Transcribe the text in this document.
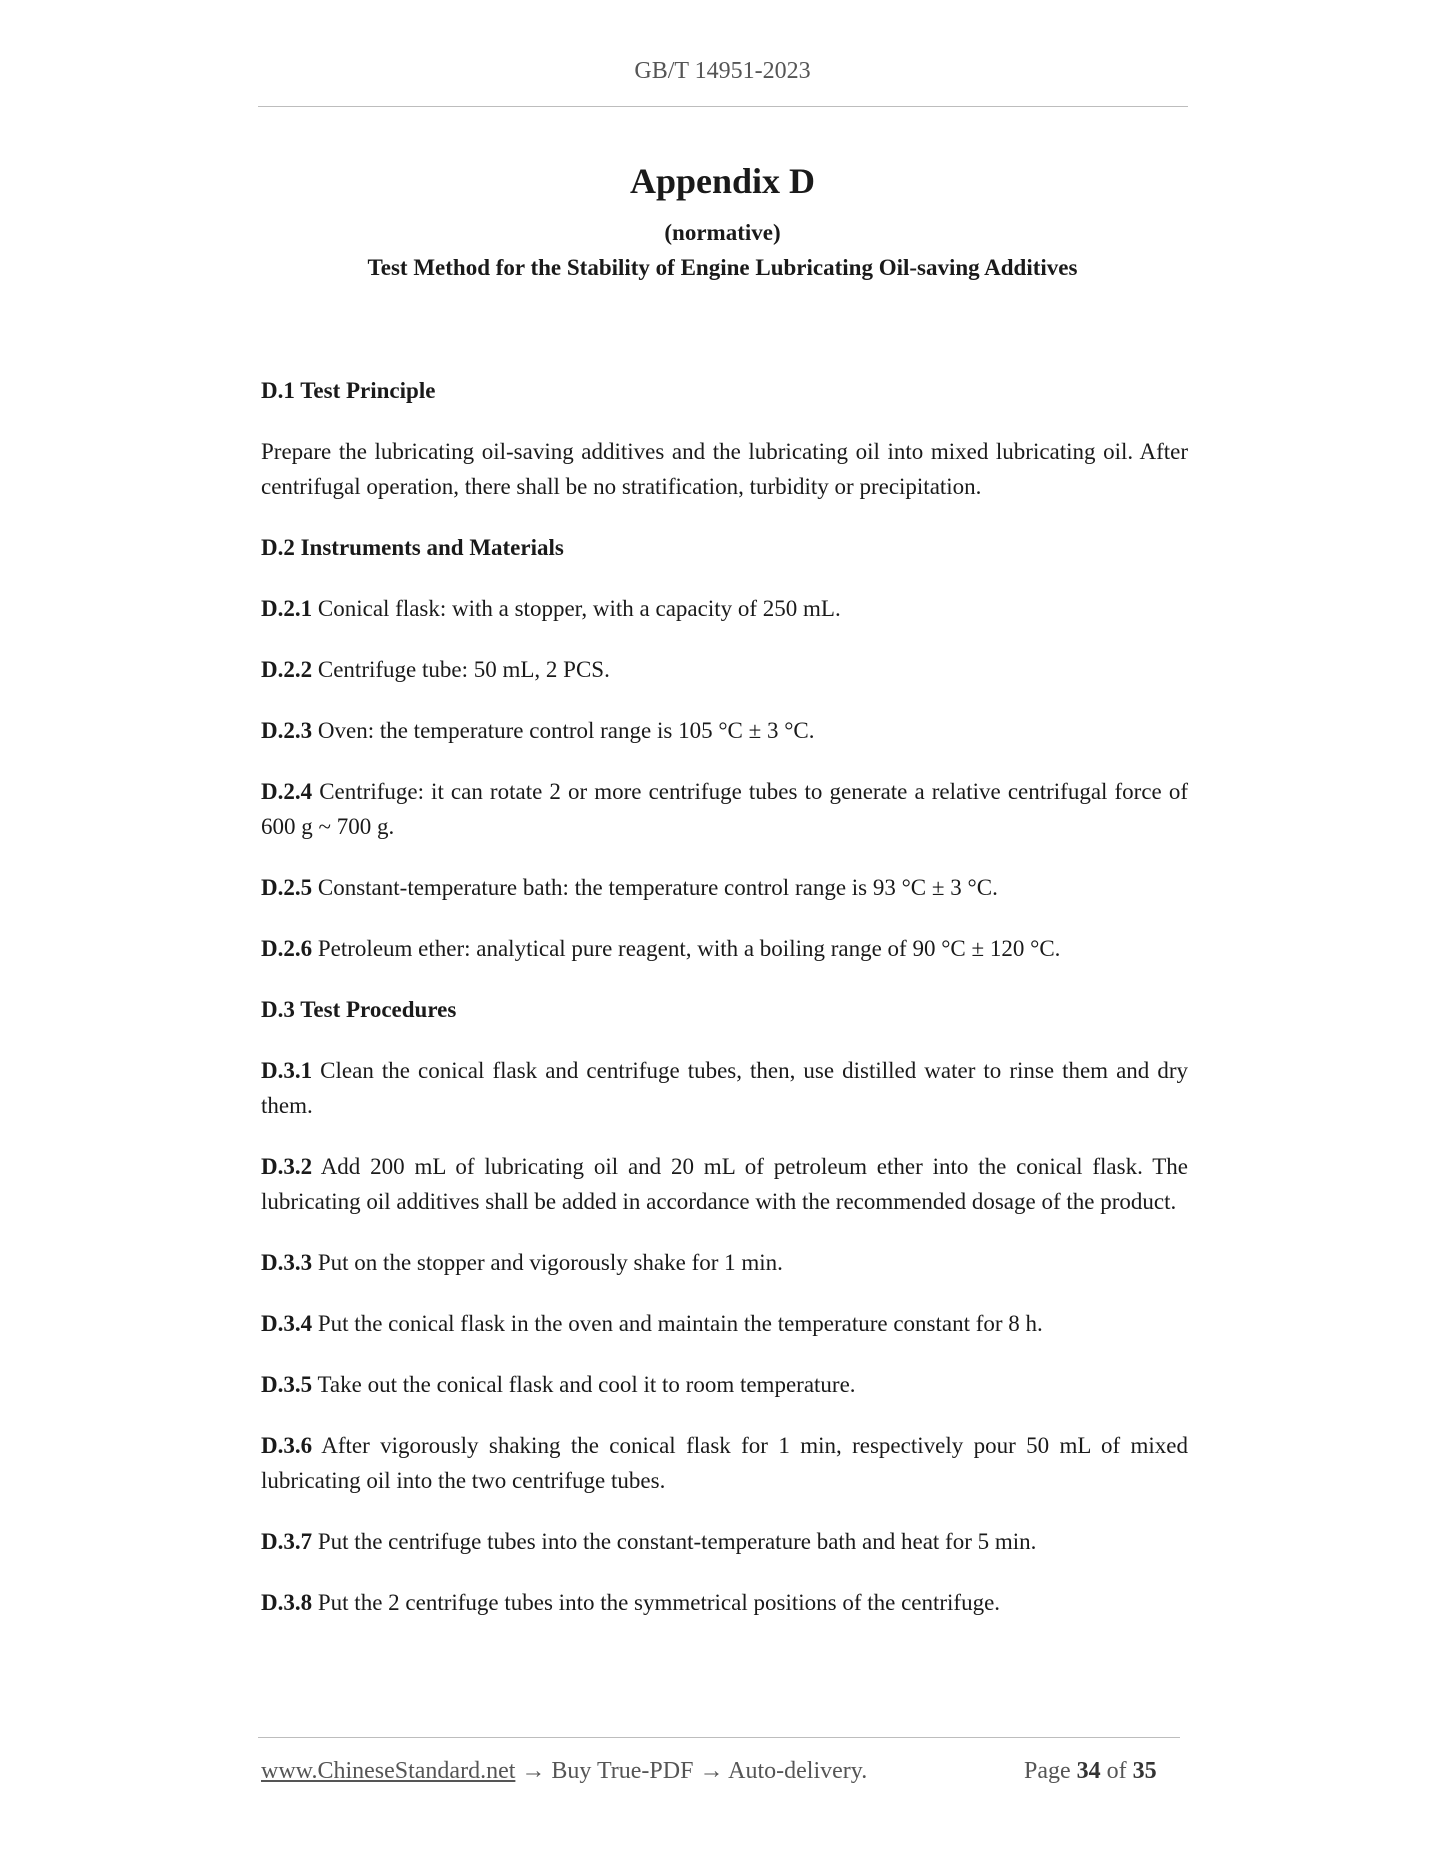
GB/T 14951-2023
Appendix D
(normative)
Test Method for the Stability of Engine Lubricating Oil-saving Additives
D.1 Test Principle

Prepare the lubricating oil-saving additives and the lubricating oil into mixed lubricating oil. After centrifugal operation, there shall be no stratification, turbidity or precipitation.

D.2 Instruments and Materials

D.2.1 Conical flask: with a stopper, with a capacity of 250 mL.

D.2.2 Centrifuge tube: 50 mL, 2 PCS.

D.2.3 Oven: the temperature control range is 105 °C ± 3 °C.

D.2.4 Centrifuge: it can rotate 2 or more centrifuge tubes to generate a relative centrifugal force of 600 g ~ 700 g.

D.2.5 Constant-temperature bath: the temperature control range is 93 °C ± 3 °C.

D.2.6 Petroleum ether: analytical pure reagent, with a boiling range of 90 °C ± 120 °C.

D.3 Test Procedures

D.3.1 Clean the conical flask and centrifuge tubes, then, use distilled water to rinse them and dry them.

D.3.2 Add 200 mL of lubricating oil and 20 mL of petroleum ether into the conical flask. The lubricating oil additives shall be added in accordance with the recommended dosage of the product.

D.3.3 Put on the stopper and vigorously shake for 1 min.

D.3.4 Put the conical flask in the oven and maintain the temperature constant for 8 h.

D.3.5 Take out the conical flask and cool it to room temperature.

D.3.6 After vigorously shaking the conical flask for 1 min, respectively pour 50 mL of mixed lubricating oil into the two centrifuge tubes.

D.3.7 Put the centrifuge tubes into the constant-temperature bath and heat for 5 min.

D.3.8 Put the 2 centrifuge tubes into the symmetrical positions of the centrifuge.

www.ChineseStandard.net → Buy True-PDF → Auto-delivery.	Page 34 of 35
